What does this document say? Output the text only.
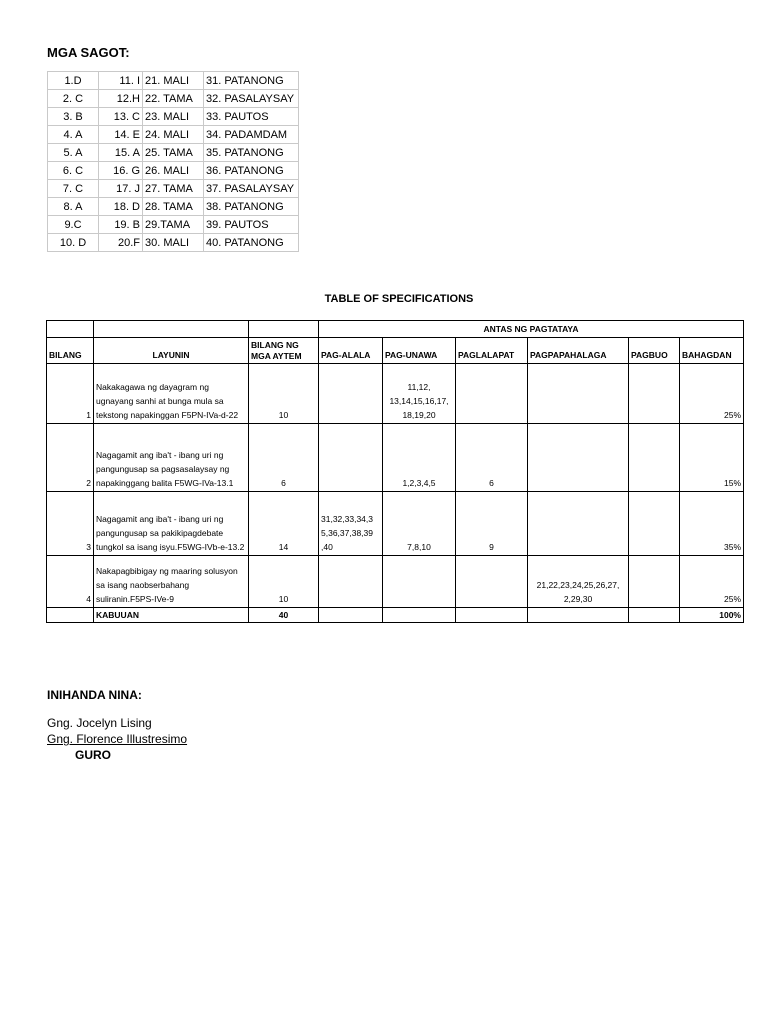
MGA SAGOT:
1.D	11. I	21. MALI	31. PATANONG
2. C	12.H	22. TAMA	32. PASALAYSAY
3. B	13. C	23. MALI	33. PAUTOS
4. A	14. E	24. MALI	34. PADAMDAM
5. A	15. A	25. TAMA	35. PATANONG
6. C	16. G	26. MALI	36. PATANONG
7. C	17. J	27. TAMA	37. PASALAYSAY
8. A	18. D	28. TAMA	38. PATANONG
9.C	19. B	29.TAMA	39. PAUTOS
10. D	20.F	30. MALI	40. PATANONG
TABLE OF SPECIFICATIONS
			ANTAS NG PAGTATAYA					
BILANG	LAYUNIN	BILANG NG MGA AYTEM	PAG-ALALA	PAG-UNAWA	PAGLALAPAT	PAGPAPAHALAGA	PAGBUO	BAHAGDAN
1	Nakakagawa ng dayagram ng ugnayang sanhi at bunga mula sa tekstong napakinggan F5PN-IVa-d-22	10		11,12, 13,14,15,16,17, 18,19,20				25%
2	Nagagamit ang iba't - ibang uri ng pangungusap sa pagsasalaysay ng napakinggang balita F5WG-IVa-13.1	6		1,2,3,4,5	6			15%
3	Nagagamit ang iba't - ibang uri ng pangungusap sa pakikipagdebate tungkol sa isang isyu.F5WG-IVb-e-13.2	14	31,32,33,34,3 5,36,37,38,39 ,40	7,8,10	9			35%
4	Nakapagbibigay ng maaring solusyon sa isang naobserbahang suliranin.F5PS-IVe-9	10				21,22,23,24,25,26,27, 2,29,30		25%
	KABUUAN	40						100%
INIHANDA NINA:
Gng. Jocelyn Lising
Gng. Florence Illustresimo
GURO
